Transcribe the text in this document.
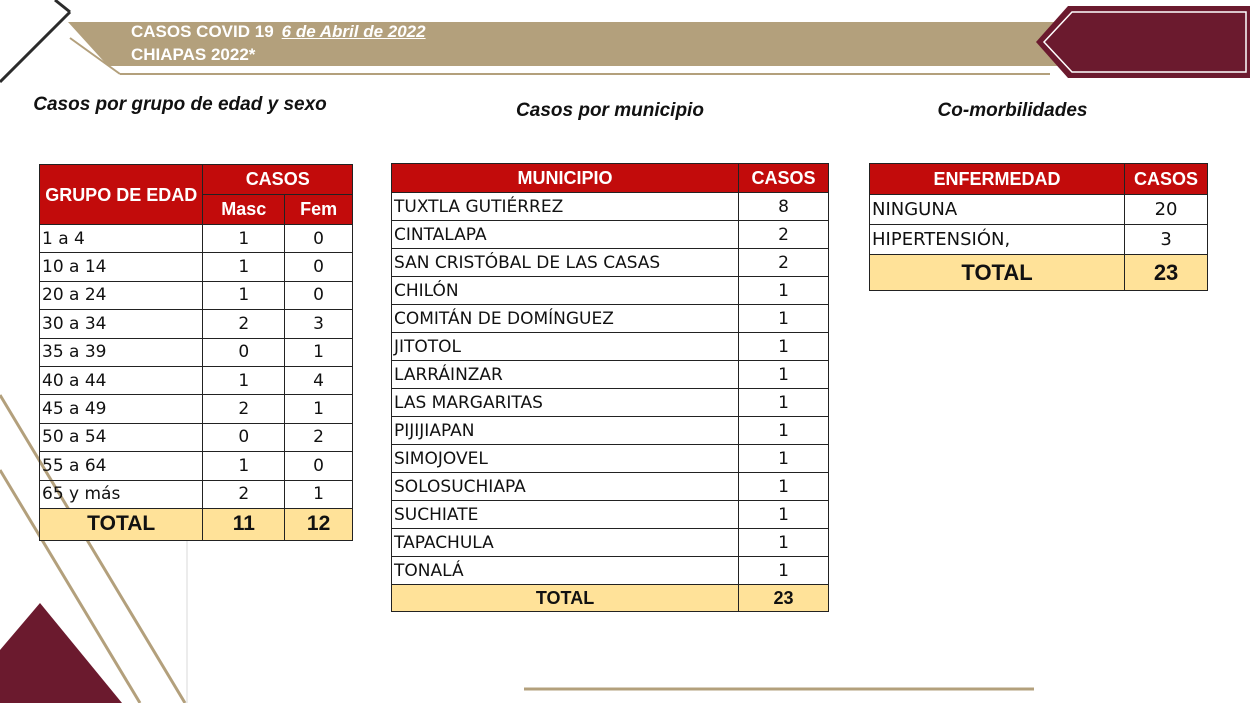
CASOS COVID 19 6 de Abril de 2022
CHIAPAS 2022*
Casos por grupo de edad y sexo	Casos por municipio	Co-morbilidades
GRUPO DE EDAD	CASOS	
	Masc	Fem
1 a 4	1	0
10 a 14	1	0
20 a 24	1	0
30 a 34	2	3
35 a 39	0	1
40 a 44	1	4
45 a 49	2	1
50 a 54	0	2
55 a 64	1	0
65 y más	2	1
TOTAL	11	12
MUNICIPIO	CASOS
TUXTLA GUTIÉRREZ	8
CINTALAPA	2
SAN CRISTÓBAL DE LAS CASAS	2
CHILÓN	1
COMITÁN DE DOMÍNGUEZ	1
JITOTOL	1
LARRÁINZAR	1
LAS MARGARITAS	1
PIJIJIAPAN	1
SIMOJOVEL	1
SOLOSUCHIAPA	1
SUCHIATE	1
TAPACHULA	1
TONALÁ	1
TOTAL	23
ENFERMEDAD	CASOS
NINGUNA	20
HIPERTENSIÓN,	3
TOTAL	23
